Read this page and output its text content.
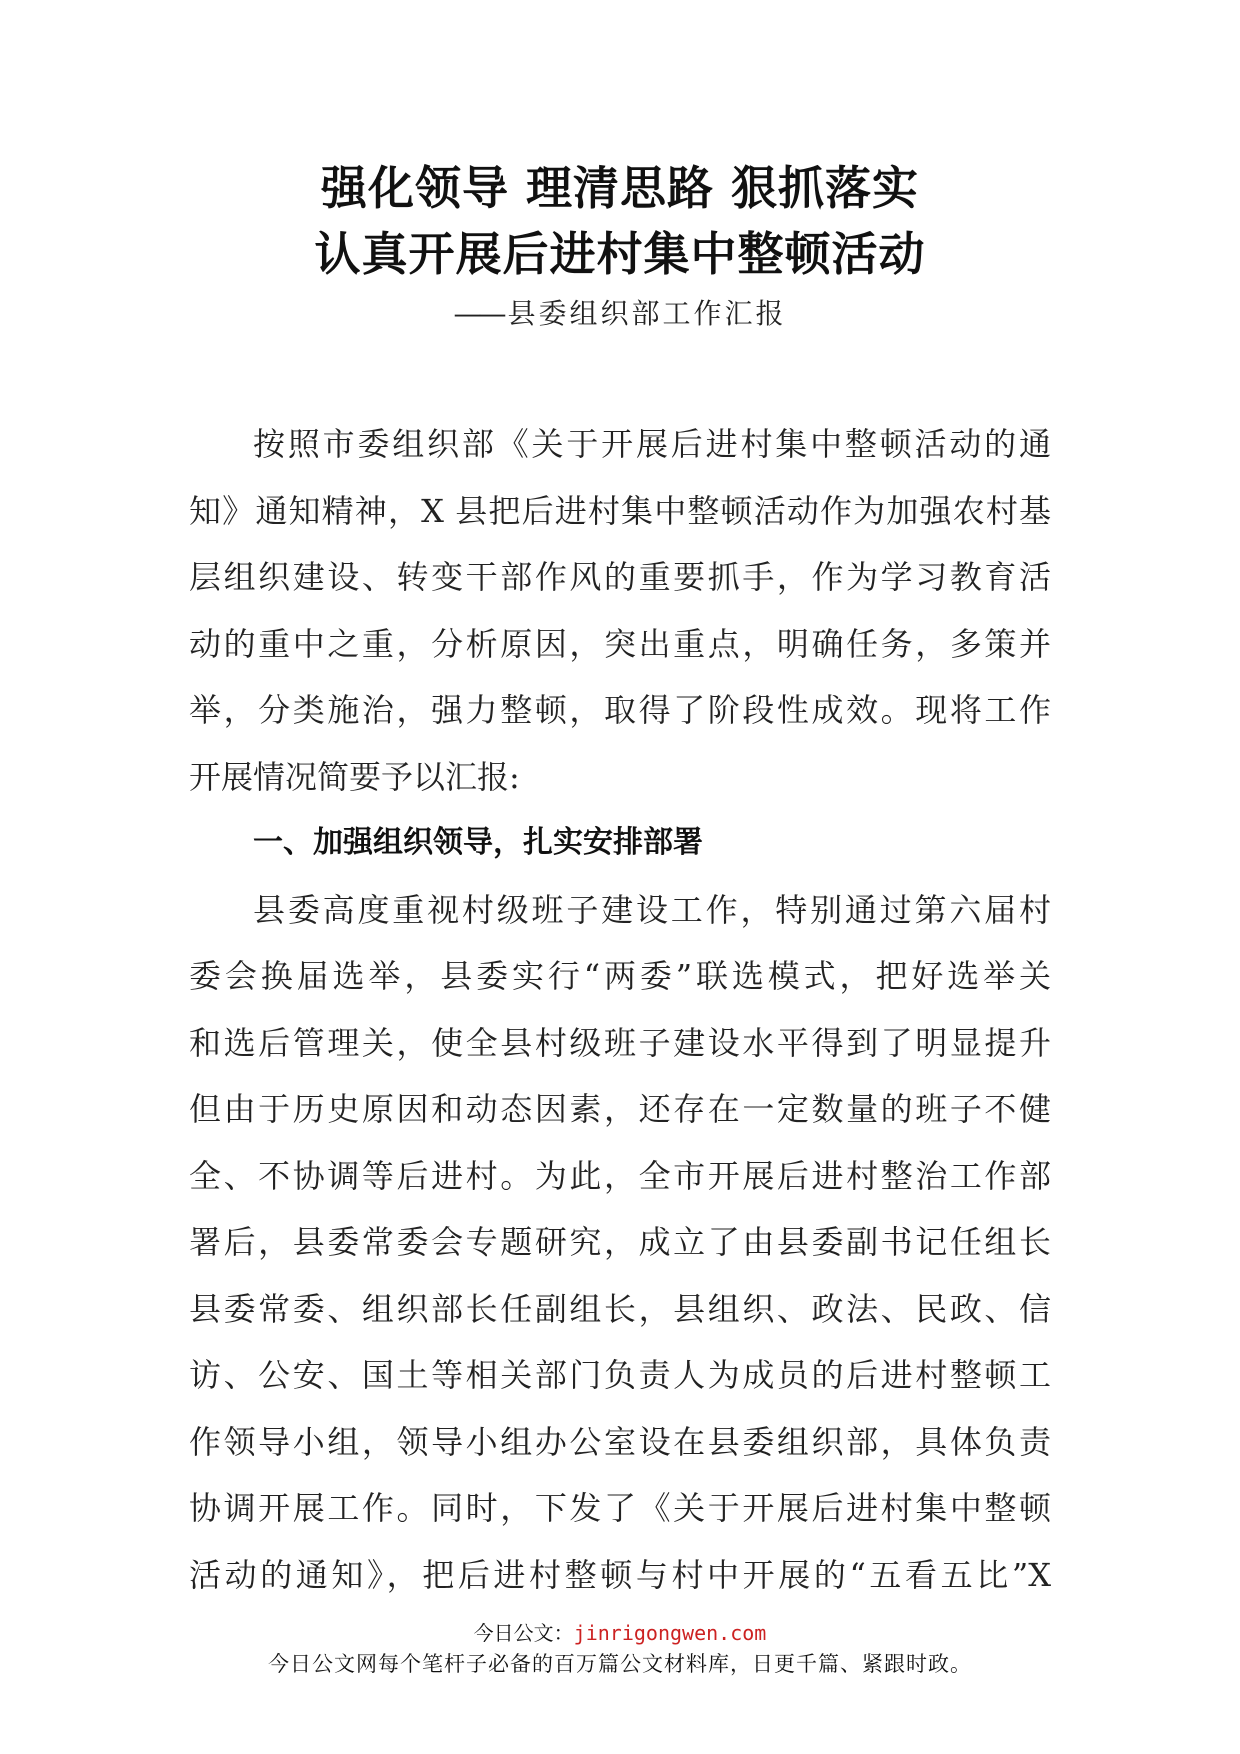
强化领导 理清思路 狠抓落实
认真开展后进村集中整顿活动
—— 县委组织部工作汇报
按照市委组织部《关于开展后进村集中整顿活动的通
知》通知精神，X 县把后进村集中整顿活动作为加强农村基
层组织建设、转变干部作风的重要抓手，作为学习教育活
动的重中之重，分析原因，突出重点，明确任务，多策并
举，分类施治，强力整顿，取得了阶段性成效。现将工作
开展情况简要予以汇报:
一、加强组织领导，扎实安排部署
县委高度重视村级班子建设工作，特别通过第六届村
委会换届选举，县委实行“两委”联选模式，把好选举关
和选后管理关，使全县村级班子建设水平得到了明显提升
但由于历史原因和动态因素，还存在一定数量的班子不健
全、不协调等后进村。为此，全市开展后进村整治工作部
署后，县委常委会专题研究，成立了由县委副书记任组长
县委常委、组织部长任副组长，县组织、政法、民政、信
访、公安、国土等相关部门负责人为成员的后进村整顿工
作领导小组，领导小组办公室设在县委组织部，具体负责
协调开展工作。同时，下发了《关于开展后进村集中整顿
活动的通知》，把后进村整顿与村中开展的“五看五比”X
今日公文：jinrigongwen.com
今日公文网每个笔杆子必备的百万篇公文材料库，日更千篇、紧跟时政。
